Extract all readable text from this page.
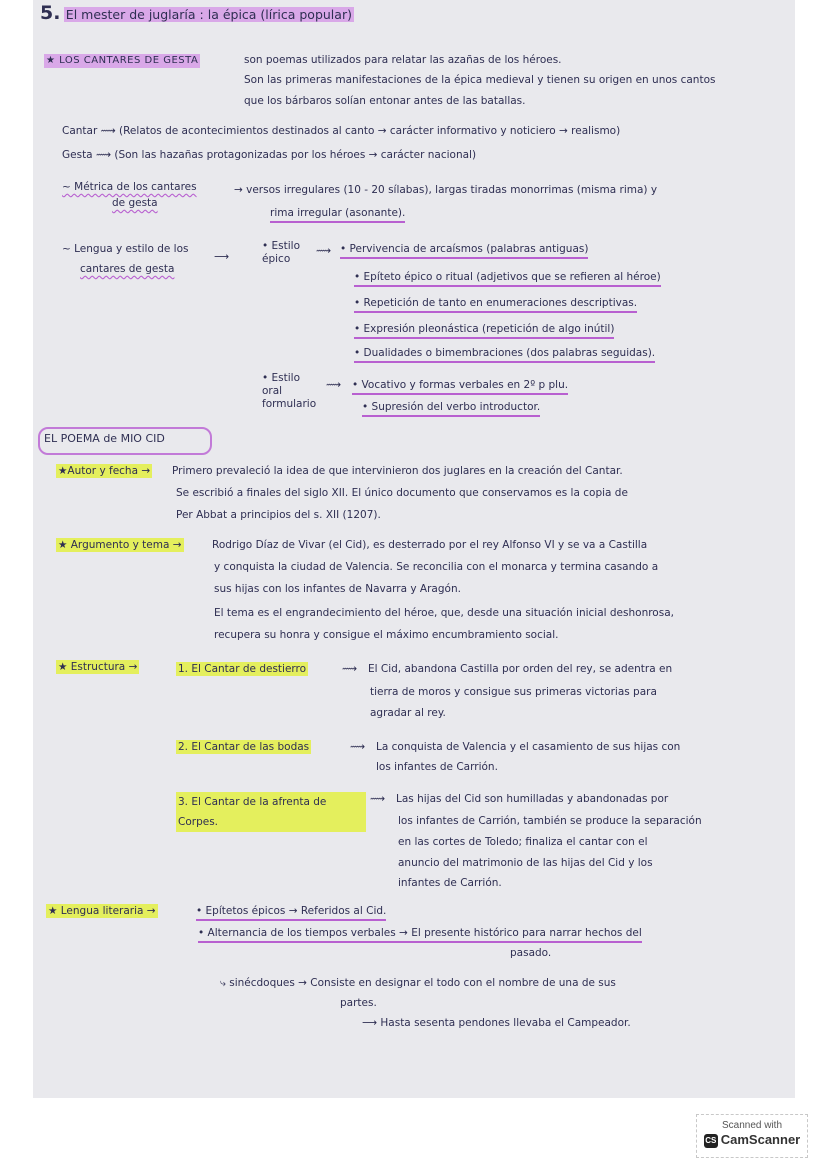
5. El mester de juglaría : la épica (lírica popular)
★ LOS CANTARES DE GESTA	son poemas utilizados para relatar las azañas de los héroes.
Son las primeras manifestaciones de la épica medieval y tienen su origen en unos cantos
que los bárbaros solían entonar antes de las batallas.
Cantar ⟿ (Relatos de acontecimientos destinados al canto → carácter informativo y noticiero → realismo)
Gesta ⟿ (Son las hazañas protagonizadas por los héroes → carácter nacional)
~ Métrica de los cantares
de gesta
→ versos irregulares (10 - 20 sílabas), largas tiradas monorrimas (misma rima) y
rima irregular (asonante).
~ Lengua y estilo de los
cantares de gesta
⟶
• Estilo épico
⟿ • Pervivencia de arcaísmos (palabras antiguas)
• Epíteto épico o ritual (adjetivos que se refieren al héroe)
• Repetición de tanto en enumeraciones descriptivas.
• Expresión pleonástica (repetición de algo inútil)
• Dualidades o bimembraciones (dos palabras seguidas).
• Estilo oral formulario
⟿ • Vocativo y formas verbales en 2º p plu.
• Supresión del verbo introductor.
EL POEMA de MIO CID
★Autor y fecha → Primero prevaleció la idea de que intervinieron dos juglares en la creación del Cantar.
Se escribió a finales del siglo XII. El único documento que conservamos es la copia de
Per Abbat a principios del s. XII (1207).
★ Argumento y tema →	Rodrigo Díaz de Vivar (el Cid), es desterrado por el rey Alfonso VI y se va a Castilla
y conquista la ciudad de Valencia. Se reconcilia con el monarca y termina casando a
sus hijas con los infantes de Navarra y Aragón.
El tema es el engrandecimiento del héroe, que, desde una situación inicial deshonrosa,
recupera su honra y consigue el máximo encumbramiento social.
★ Estructura →	1. El Cantar de destierro	⟿ El Cid, abandona Castilla por orden del rey, se adentra en
tierra de moros y consigue sus primeras victorias para
agradar al rey.
2. El Cantar de las bodas	⟿ La conquista de Valencia y el casamiento de sus hijas con
los infantes de Carrión.
3. El Cantar de la afrenta de Corpes.
⟿ Las hijas del Cid son humilladas y abandonadas por
los infantes de Carrión, también se produce la separación
en las cortes de Toledo; finaliza el cantar con el
anuncio del matrimonio de las hijas del Cid y los
infantes de Carrión.
★ Lengua literaria →	• Epítetos épicos → Referidos al Cid.
• Alternancia de los tiempos verbales → El presente histórico para narrar hechos del
pasado.
⤷ sinécdoques → Consiste en designar el todo con el nombre de una de sus
partes.
⟶ Hasta sesenta pendones llevaba el Campeador.
Scanned with
CS CamScanner
